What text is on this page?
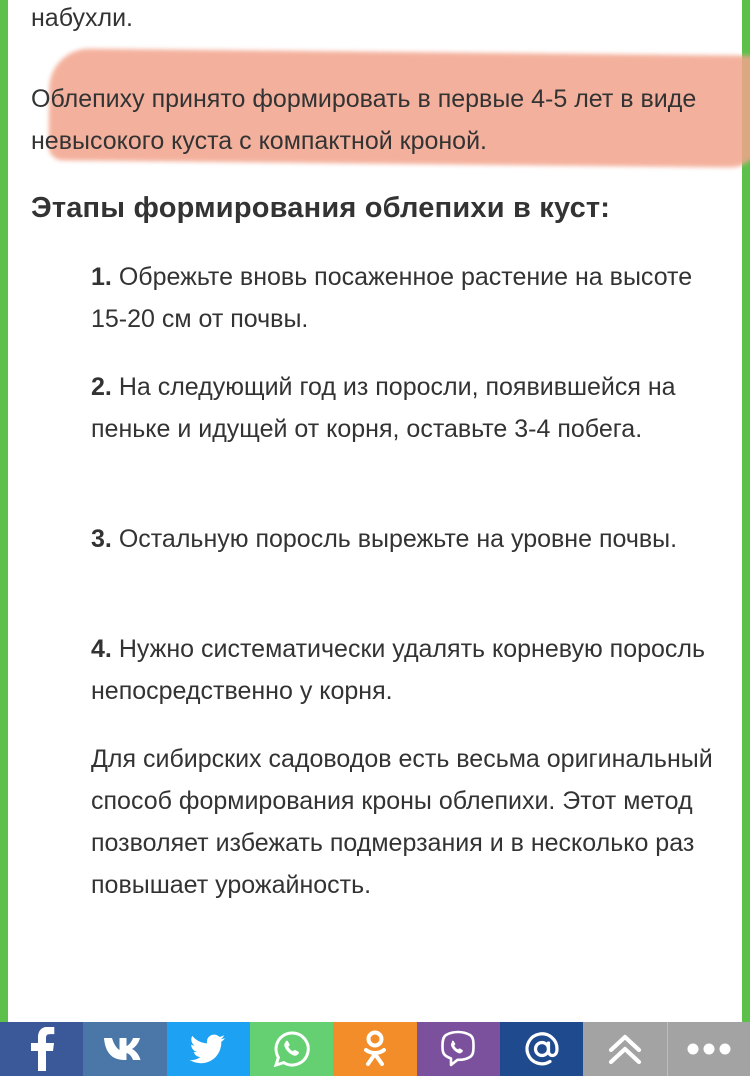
набухли.

Облепиху принято формировать в первые 4-5 лет в виде невысокого куста с компактной кроной.

Этапы формирования облепихи в куст:

1. Обрежьте вновь посаженное растение на высоте 15-20 см от почвы.

2. На следующий год из поросли, появившейся на пеньке и идущей от корня, оставьте 3-4 побега.

3. Остальную поросль вырежьте на уровне почвы.

4. Нужно систематически удалять корневую поросль непосредственно у корня.

Для сибирских садоводов есть весьма оригинальный способ формирования кроны облепихи. Этот метод позволяет избежать подмерзания и в несколько раз повышает урожайность.
